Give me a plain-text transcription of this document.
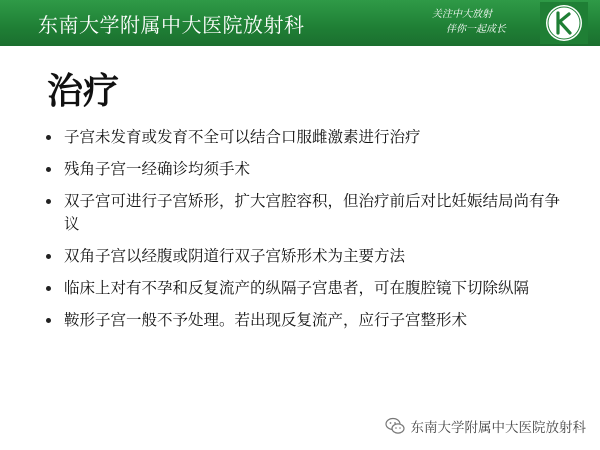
东南大学附属中大医院放射科	关注中大放射
伴你一起成长
治疗
子宫未发育或发育不全可以结合口服雌激素进行治疗
残角子宫一经确诊均须手术
双子宫可进行子宫矫形，扩大宫腔容积，但治疗前后对比妊娠结局尚有争议
双角子宫以经腹或阴道行双子宫矫形术为主要方法
临床上对有不孕和反复流产的纵隔子宫患者，可在腹腔镜下切除纵隔
鞍形子宫一般不予处理。若出现反复流产，应行子宫整形术
东南大学附属中大医院放射科
